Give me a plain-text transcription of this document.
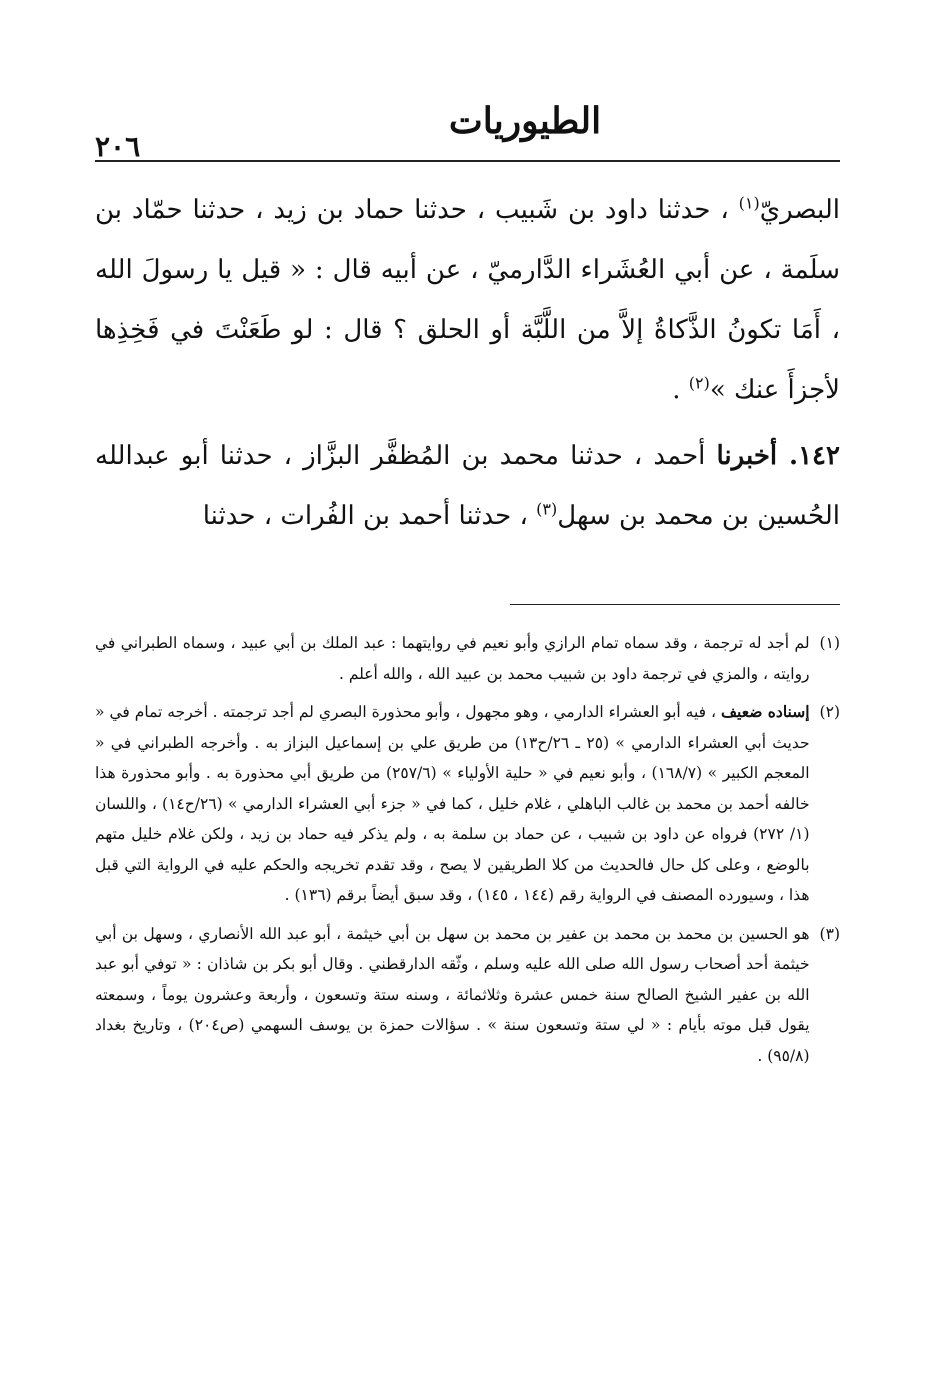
٢٠٦
الطيوريات

البصريّ$^{(١)}$ ، حدثنا داود بن شَبيب ، حدثنا حماد بن زيد ، حدثنا حمّاد بن سلَمة ، عن أبي العُشَراء الدَّارميّ ، عن أبيه قال : « قيل يا رسولَ الله ، أَمَا تكونُ الذَّكاةُ إلاَّ من اللَّبَّة أو الحلق ؟ قال : لو طَعَنْتَ في فَخِذِها لأجزأَ عنك »$^{(٢)}$ .

١٤٢. أخبرنا أحمد ، حدثنا محمد بن المُظفَّر البزَّاز ، حدثنا أبو عبدالله الحُسين بن محمد بن سهل$^{(٣)}$ ، حدثنا أحمد بن الفُرات ، حدثنا

(١)
لم أجد له ترجمة ، وقد سماه تمام الرازي وأبو نعيم في روايتهما : عبد الملك بن أبي عبيد ، وسماه الطبراني في روايته ، والمزي في ترجمة داود بن شبيب محمد بن عبيد الله ، والله أعلم .
(٢)
إسناده ضعيف ، فيه أبو العشراء الدارمي ، وهو مجهول ، وأبو محذورة البصري لم أجد ترجمته . أخرجه تمام في « حديث أبي العشراء الدارمي » (٢٥ ـ ٢٦/ح١٣) من طريق علي بن إسماعيل البزاز به . وأخرجه الطبراني في « المعجم الكبير » (١٦٨/٧) ، وأبو نعيم في « حلية الأولياء » (٢٥٧/٦) من طريق أبي محذورة به . وأبو محذورة هذا خالفه أحمد بن محمد بن غالب الباهلي ، غلام خليل ، كما في « جزء أبي العشراء الدارمي » (٢٦/ح١٤) ، واللسان (١/ ٢٧٢) فرواه عن داود بن شبيب ، عن حماد بن سلمة به ، ولم يذكر فيه حماد بن زيد ، ولكن غلام خليل متهم بالوضع ، وعلى كل حال فالحديث من كلا الطريقين لا يصح ، وقد تقدم تخريجه والحكم عليه في الرواية التي قبل هذا ، وسيورده المصنف في الرواية رقم (١٤٤ ، ١٤٥) ، وقد سبق أيضاً برقم (١٣٦) .
(٣)
هو الحسين بن محمد بن محمد بن عفير بن محمد بن سهل بن أبي خيثمة ، أبو عبد الله الأنصاري ، وسهل بن أبي خيثمة أحد أصحاب رسول الله صلى الله عليه وسلم ، وثّقه الدارقطني . وقال أبو بكر بن شاذان : « توفي أبو عبد الله بن عفير الشيخ الصالح سنة خمس عشرة وثلاثمائة ، وسنه ستة وتسعون ، وأربعة وعشرون يوماً ، وسمعته يقول قبل موته بأيام : « لي ستة وتسعون سنة » . سؤالات حمزة بن يوسف السهمي (ص٢٠٤) ، وتاريخ بغداد (٩٥/٨) .
